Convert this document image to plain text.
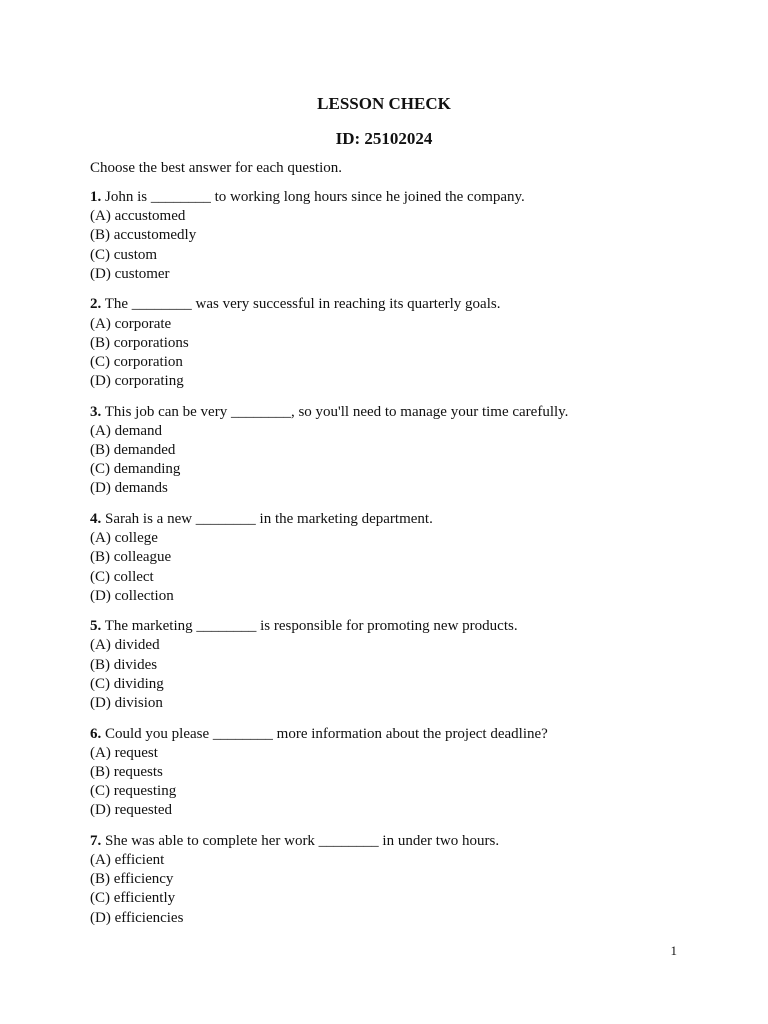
LESSON CHECK
ID: 25102024
Choose the best answer for each question.
1. John is ________ to working long hours since he joined the company.
(A) accustomed
(B) accustomedly
(C) custom
(D) customer
2. The ________ was very successful in reaching its quarterly goals.
(A) corporate
(B) corporations
(C) corporation
(D) corporating
3. This job can be very ________, so you'll need to manage your time carefully.
(A) demand
(B) demanded
(C) demanding
(D) demands
4. Sarah is a new ________ in the marketing department.
(A) college
(B) colleague
(C) collect
(D) collection
5. The marketing ________ is responsible for promoting new products.
(A) divided
(B) divides
(C) dividing
(D) division
6. Could you please ________ more information about the project deadline?
(A) request
(B) requests
(C) requesting
(D) requested
7. She was able to complete her work ________ in under two hours.
(A) efficient
(B) efficiency
(C) efficiently
(D) efficiencies
1
